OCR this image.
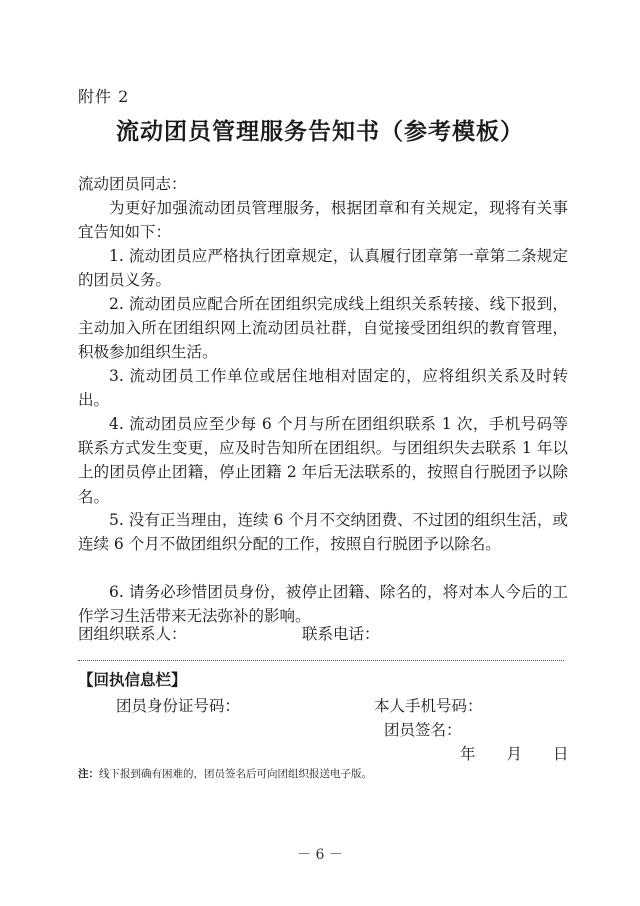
附件 2
流动团员管理服务告知书（参考模板）
流动团员同志：
为更好加强流动团员管理服务，根据团章和有关规定，现将有关事宜告知如下：
1. 流动团员应严格执行团章规定，认真履行团章第一章第二条规定的团员义务。
2. 流动团员应配合所在团组织完成线上组织关系转接、线下报到，主动加入所在团组织网上流动团员社群，自觉接受团组织的教育管理，积极参加组织生活。
3. 流动团员工作单位或居住地相对固定的，应将组织关系及时转出。
4. 流动团员应至少每 6 个月与所在团组织联系 1 次，手机号码等联系方式发生变更，应及时告知所在团组织。与团组织失去联系 1 年以上的团员停止团籍，停止团籍 2 年后无法联系的，按照自行脱团予以除名。
5. 没有正当理由，连续 6 个月不交纳团费、不过团的组织生活，或连续 6 个月不做团组织分配的工作，按照自行脱团予以除名。
6. 请务必珍惜团员身份，被停止团籍、除名的，将对本人今后的工作学习生活带来无法弥补的影响。
团组织联系人：	联系电话：
【回执信息栏】
团员身份证号码：	本人手机号码：
团员签名：
年　　月　　日
注：线下报到确有困难的，团员签名后可向团组织报送电子版。
－ 6 －
